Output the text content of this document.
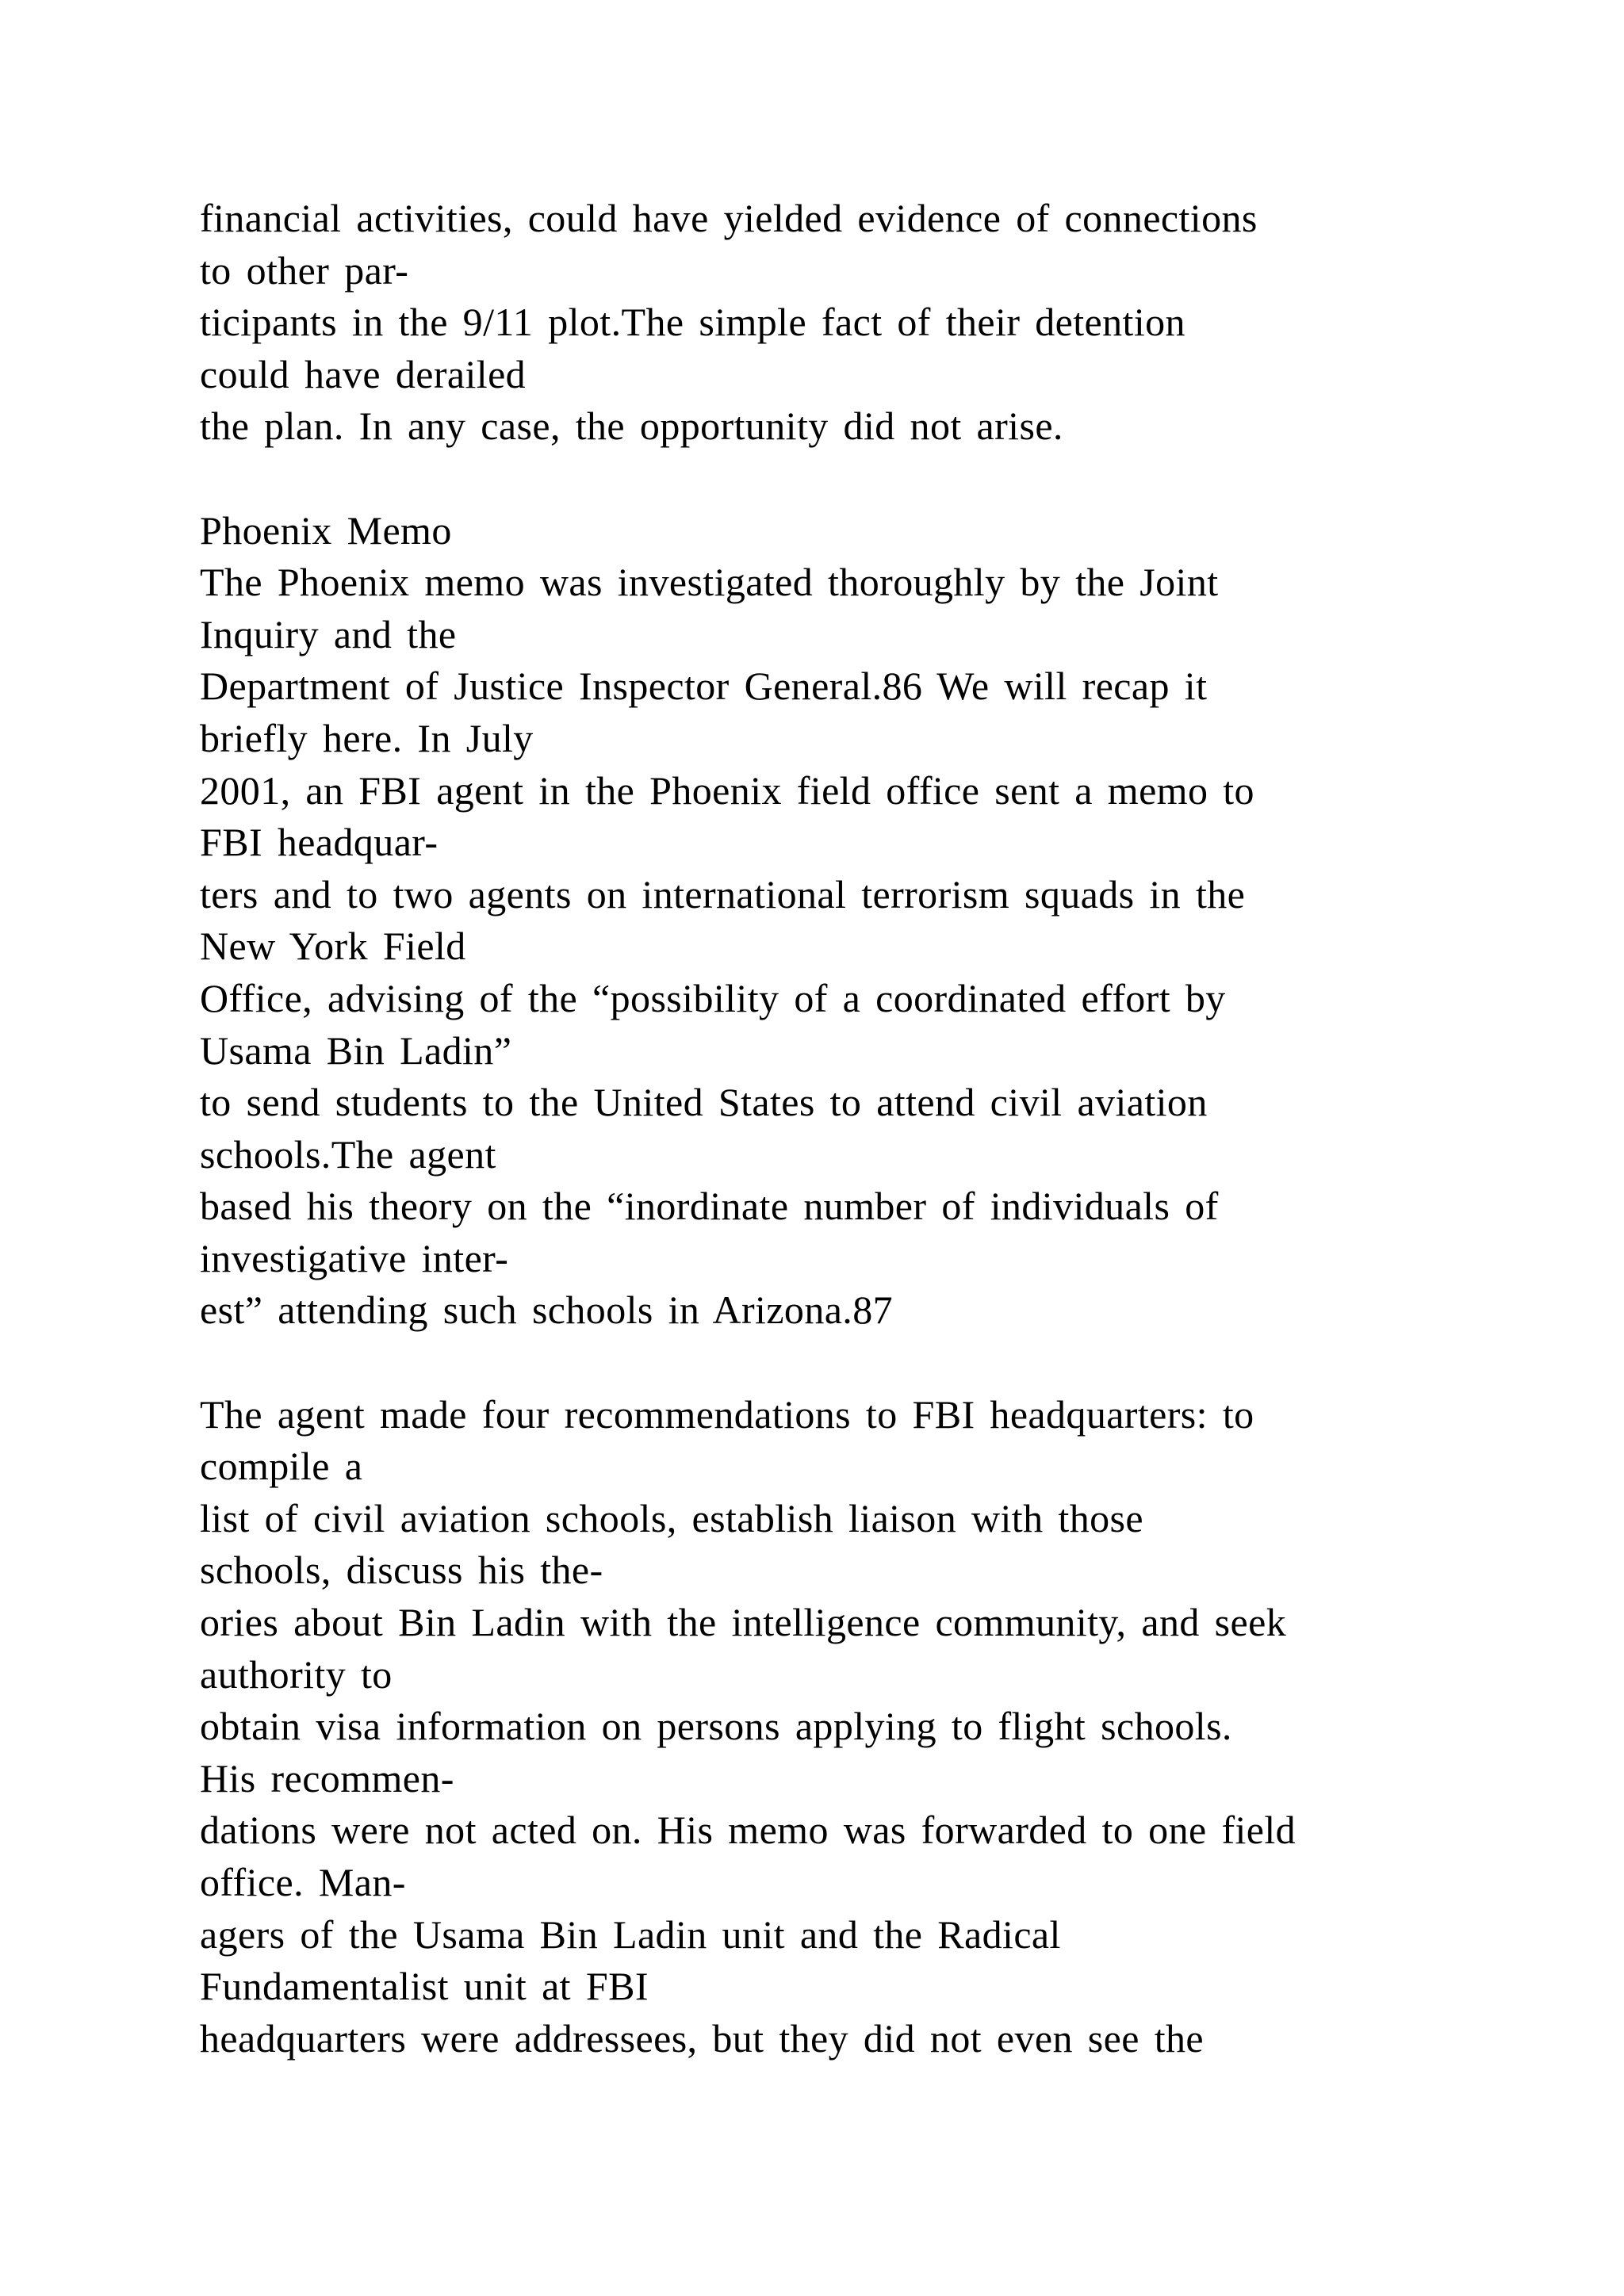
financial activities, could have yielded evidence of connections
to other par-
ticipants in the 9/11 plot.The simple fact of their detention
could have derailed
the plan. In any case, the opportunity did not arise.
Phoenix Memo
The Phoenix memo was investigated thoroughly by the Joint
Inquiry and the
Department of Justice Inspector General.86 We will recap it
briefly here. In July
2001, an FBI agent in the Phoenix field office sent a memo to
FBI headquar-
ters and to two agents on international terrorism squads in the
New York Field
Office, advising of the “possibility of a coordinated effort by
Usama Bin Ladin”
to send students to the United States to attend civil aviation
schools.The agent
based his theory on the “inordinate number of individuals of
investigative inter-
est” attending such schools in Arizona.87
The agent made four recommendations to FBI headquarters: to
compile a
list of civil aviation schools, establish liaison with those
schools, discuss his the-
ories about Bin Ladin with the intelligence community, and seek
authority to
obtain visa information on persons applying to flight schools.
His recommen-
dations were not acted on. His memo was forwarded to one field
office. Man-
agers of the Usama Bin Ladin unit and the Radical
Fundamentalist unit at FBI
headquarters were addressees, but they did not even see the
